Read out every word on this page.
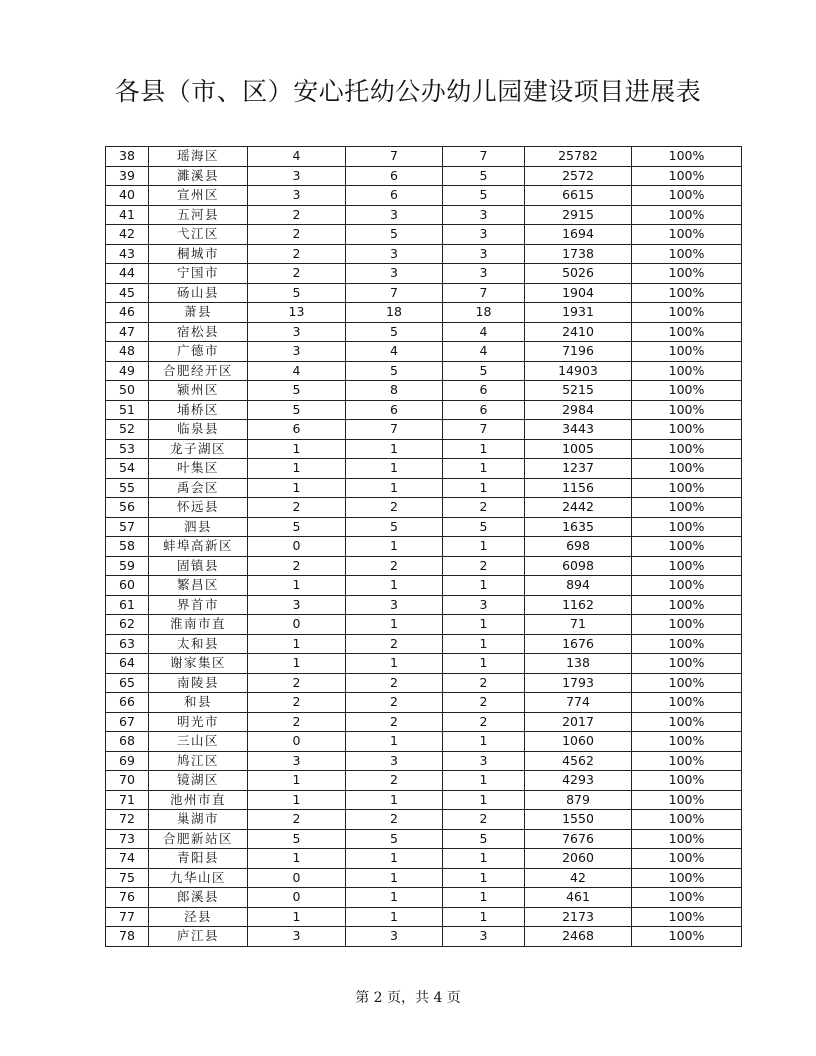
各县（市、区）安心托幼公办幼儿园建设项目进展表
38	瑶海区	4	7	7	25782	100%
39	濉溪县	3	6	5	2572	100%
40	宣州区	3	6	5	6615	100%
41	五河县	2	3	3	2915	100%
42	弋江区	2	5	3	1694	100%
43	桐城市	2	3	3	1738	100%
44	宁国市	2	3	3	5026	100%
45	砀山县	5	7	7	1904	100%
46	萧县	13	18	18	1931	100%
47	宿松县	3	5	4	2410	100%
48	广德市	3	4	4	7196	100%
49	合肥经开区	4	5	5	14903	100%
50	颍州区	5	8	6	5215	100%
51	埇桥区	5	6	6	2984	100%
52	临泉县	6	7	7	3443	100%
53	龙子湖区	1	1	1	1005	100%
54	叶集区	1	1	1	1237	100%
55	禹会区	1	1	1	1156	100%
56	怀远县	2	2	2	2442	100%
57	泗县	5	5	5	1635	100%
58	蚌埠高新区	0	1	1	698	100%
59	固镇县	2	2	2	6098	100%
60	繁昌区	1	1	1	894	100%
61	界首市	3	3	3	1162	100%
62	淮南市直	0	1	1	71	100%
63	太和县	1	2	1	1676	100%
64	谢家集区	1	1	1	138	100%
65	南陵县	2	2	2	1793	100%
66	和县	2	2	2	774	100%
67	明光市	2	2	2	2017	100%
68	三山区	0	1	1	1060	100%
69	鸠江区	3	3	3	4562	100%
70	镜湖区	1	2	1	4293	100%
71	池州市直	1	1	1	879	100%
72	巢湖市	2	2	2	1550	100%
73	合肥新站区	5	5	5	7676	100%
74	青阳县	1	1	1	2060	100%
75	九华山区	0	1	1	42	100%
76	郎溪县	0	1	1	461	100%
77	泾县	1	1	1	2173	100%
78	庐江县	3	3	3	2468	100%
第 2 页，共 4 页
